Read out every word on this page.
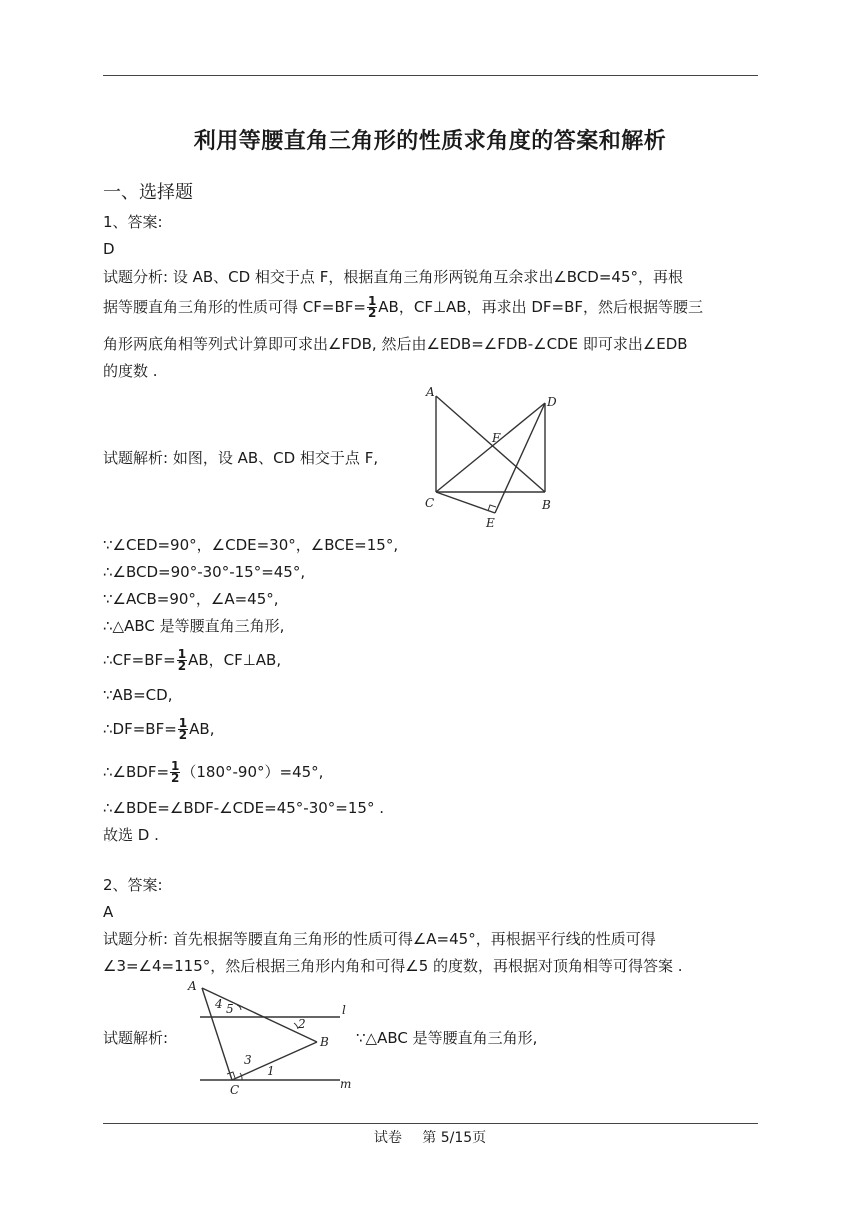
利用等腰直角三角形的性质求角度的答案和解析
一、选择题
1、答案:
D
试题分析: 设 AB、CD 相交于点 F，根据直角三角形两锐角互余求出∠BCD=45°，再根
据等腰直角三角形的性质可得 $CF=BF= \frac{1}{2}$ AB，CF⊥AB，再求出 DF=BF，然后根据等腰三
角形两底角相等列式计算即可求出∠FDB, 然后由∠EDB=∠FDB-∠CDE 即可求出∠EDB
的度数 .
试题解析: 如图，设 AB、CD 相交于点 F,
A
D
F
C	B
E
∵∠CED=90°，∠CDE=30°，∠BCE=15°,
∴∠BCD=90°-30°-15°=45°,
∵∠ACB=90°，∠A=45°,
∴△ABC 是等腰直角三角形,
∴CF=BF= $\frac{1}{2}$ AB，CF⊥AB,
∵AB=CD,
∴DF=BF= $\frac{1}{2}$ AB,
∴∠BDF= $\frac{1}{2} (180^\circ-90^\circ)=45^\circ$,
∴∠BDE=∠BDF-∠CDE=45°-30°=15° .
故选 D .
2、答案:
A
试题分析: 首先根据等腰直角三角形的性质可得∠A=45°，再根据平行线的性质可得
∠3=∠4=115°，然后根据三角形内角和可得∠5 的度数，再根据对顶角相等可得答案 .
试题解析:	∵△ABC 是等腰直角三角形,
A
4 5	l
2
B
3
1
C	m
试卷 第 5/15页
